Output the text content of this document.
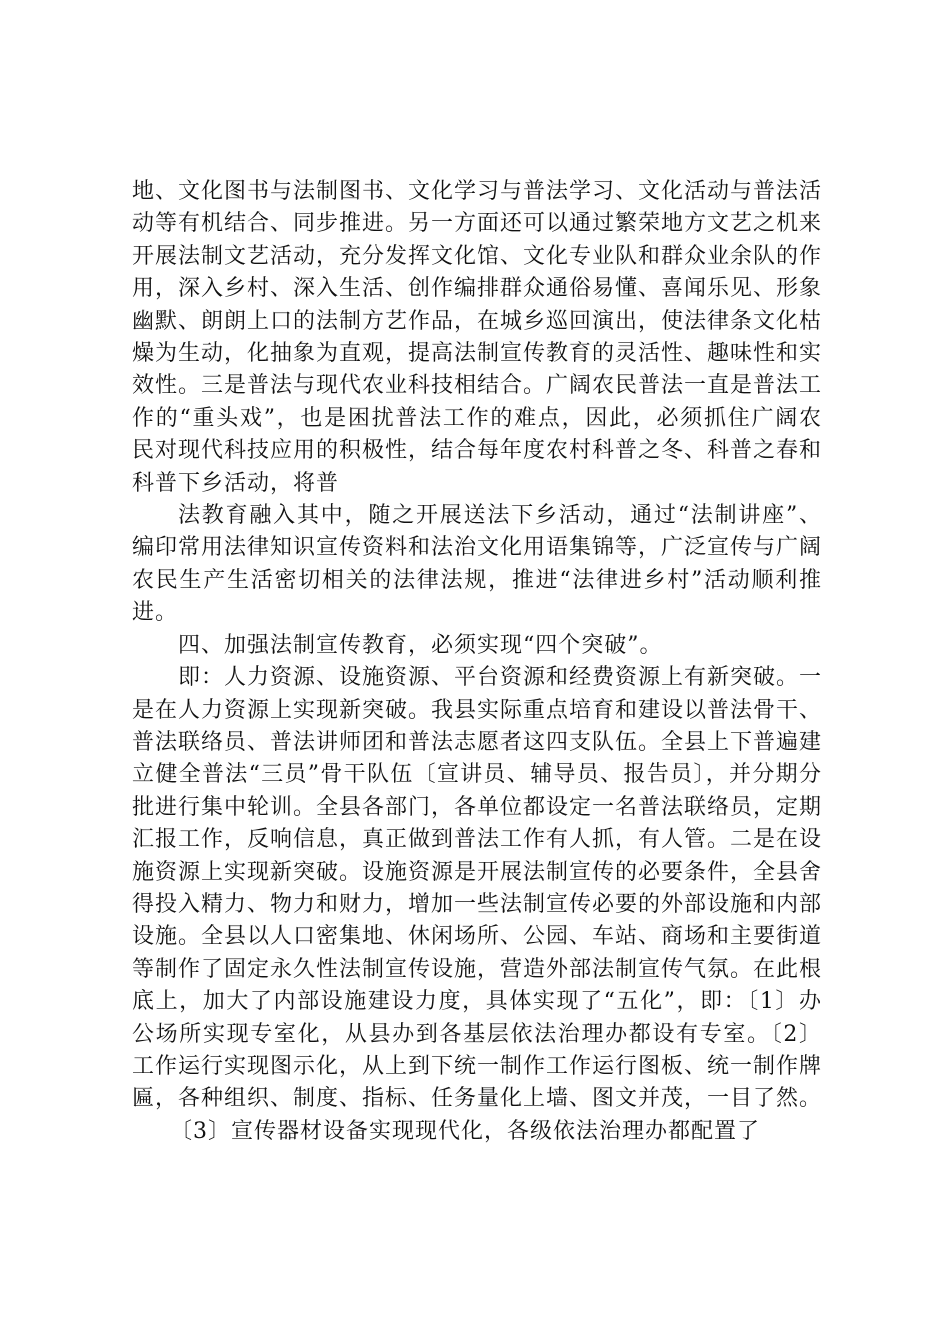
地、文化图书与法制图书、文化学习与普法学习、文化活动与普法活动等有机结合、同步推进。另一方面还可以通过繁荣地方文艺之机来开展法制文艺活动，充分发挥文化馆、文化专业队和群众业余队的作用，深入乡村、深入生活、创作编排群众通俗易懂、喜闻乐见、形象幽默、朗朗上口的法制方艺作品，在城乡巡回演出，使法律条文化枯燥为生动，化抽象为直观，提高法制宣传教育的灵活性、趣味性和实效性。三是普法与现代农业科技相结合。广阔农民普法一直是普法工作的“重头戏”，也是困扰普法工作的难点，因此，必须抓住广阔农民对现代科技应用的积极性，结合每年度农村科普之冬、科普之春和科普下乡活动，将普

法教育融入其中，随之开展送法下乡活动，通过“法制讲座”、编印常用法律知识宣传资料和法治文化用语集锦等，广泛宣传与广阔农民生产生活密切相关的法律法规，推进“法律进乡村”活动顺利推进。

四、加强法制宣传教育，必须实现“四个突破”。

即：人力资源、设施资源、平台资源和经费资源上有新突破。一是在人力资源上实现新突破。我县实际重点培育和建设以普法骨干、普法联络员、普法讲师团和普法志愿者这四支队伍。全县上下普遍建立健全普法“三员”骨干队伍〔宣讲员、辅导员、报告员〕，并分期分批进行集中轮训。全县各部门，各单位都设定一名普法联络员，定期汇报工作，反响信息，真正做到普法工作有人抓，有人管。二是在设施资源上实现新突破。设施资源是开展法制宣传的必要条件，全县舍得投入精力、物力和财力，增加一些法制宣传必要的外部设施和内部设施。全县以人口密集地、休闲场所、公园、车站、商场和主要街道等制作了固定永久性法制宣传设施，营造外部法制宣传气氛。在此根底上，加大了内部设施建设力度，具体实现了“五化”，即：〔1〕办公场所实现专室化，从县办到各基层依法治理办都设有专室。〔2〕工作运行实现图示化，从上到下统一制作工作运行图板、统一制作牌匾，各种组织、制度、指标、任务量化上墙、图文并茂，一目了然。

〔3〕宣传器材设备实现现代化，各级依法治理办都配置了
